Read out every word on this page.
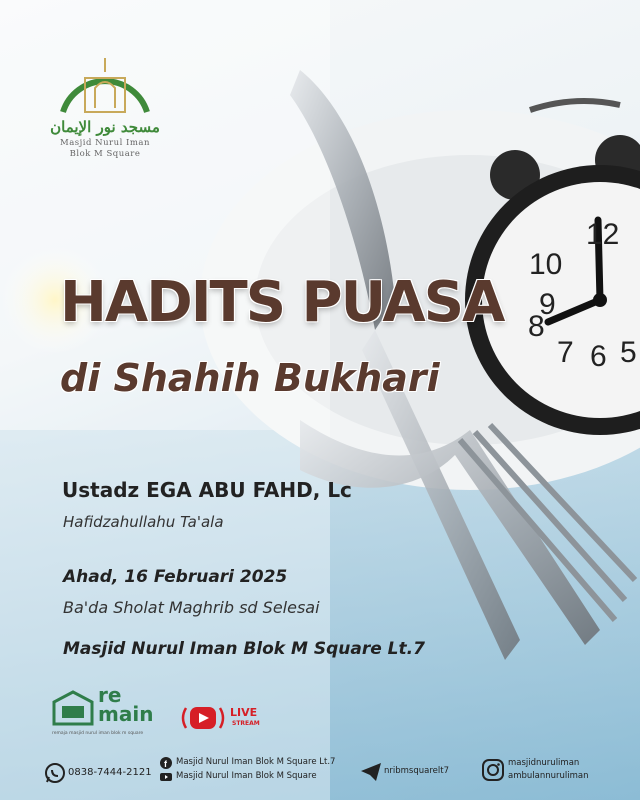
12
10
9
8
7 6 5
مسجد نور الإيمان
Masjid Nurul Iman
Blok M Square
HADITS PUASA
di Shahih Bukhari
Ustadz EGA ABU FAHD, Lc
Hafidzahullahu Ta'ala
Ahad, 16 Februari 2025
Ba'da Sholat Maghrib sd Selesai
Masjid Nurul Iman Blok M Square Lt.7
re
main
remaja masjid nurul iman blok m square
LIVE
STREAM
0838-7444-2121
f Masjid Nurul Iman Blok M Square Lt.7
Masjid Nurul Iman Blok M Square	nribmsquarelt7
masjidnuruliman
ambulannuruliman
